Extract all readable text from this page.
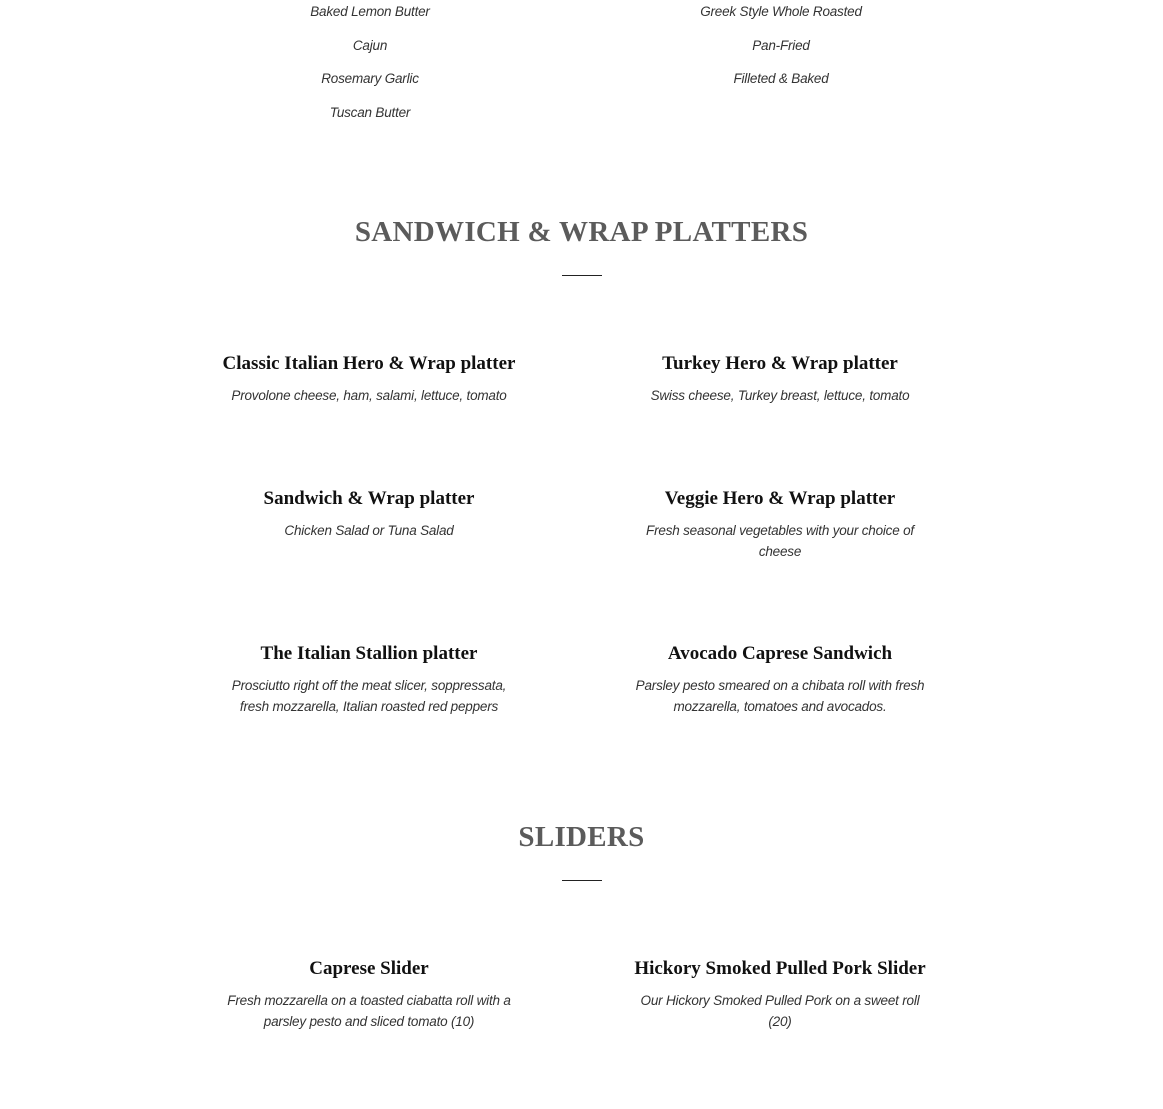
Baked Lemon Butter
Cajun
Rosemary Garlic
Tuscan Butter
Greek Style Whole Roasted
Pan-Fried
Filleted & Baked
SANDWICH & WRAP PLATTERS
Classic Italian Hero & Wrap platter

Provolone cheese, ham, salami, lettuce, tomato

Turkey Hero & Wrap platter

Swiss cheese, Turkey breast, lettuce, tomato

Sandwich & Wrap platter

Chicken Salad or Tuna Salad

Veggie Hero & Wrap platter

Fresh seasonal vegetables with your choice of cheese

The Italian Stallion platter

Prosciutto right off the meat slicer, soppressata, fresh mozzarella, Italian roasted red peppers

Avocado Caprese Sandwich

Parsley pesto smeared on a chibata roll with fresh mozzarella, tomatoes and avocados.

SLIDERS
Caprese Slider

Fresh mozzarella on a toasted ciabatta roll with a parsley pesto and sliced tomato (10)

Hickory Smoked Pulled Pork Slider

Our Hickory Smoked Pulled Pork on a sweet roll (20)
